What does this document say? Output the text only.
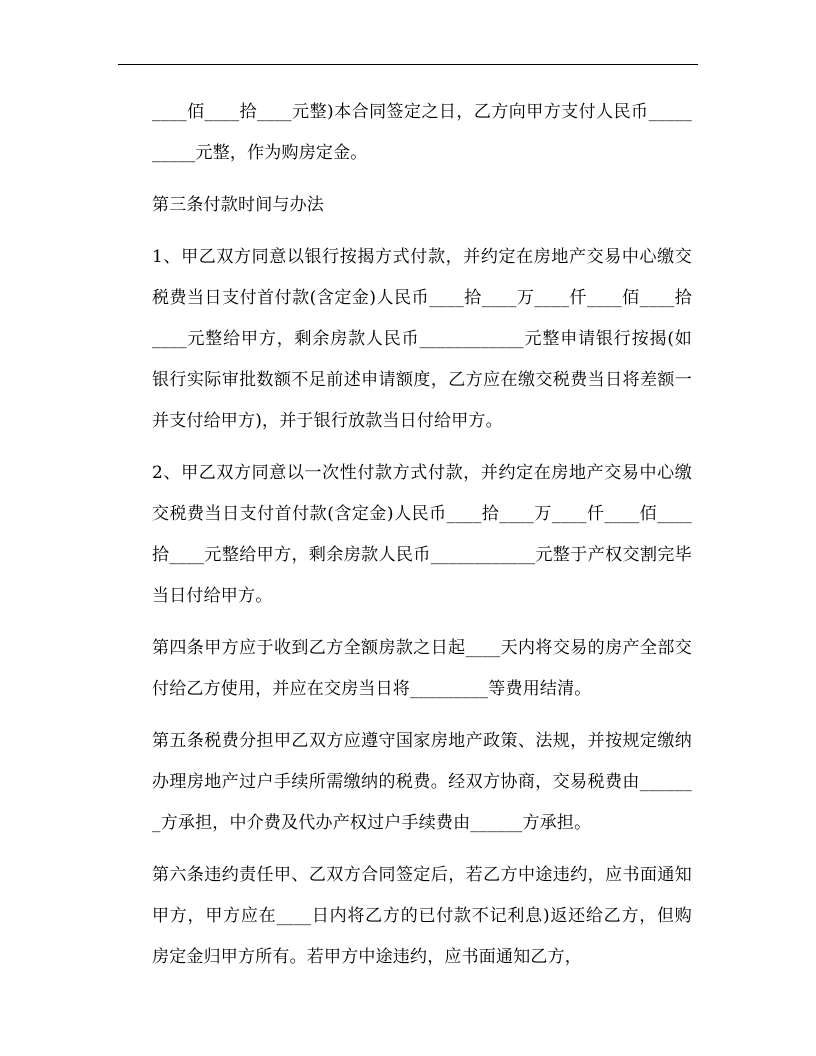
____佰____拾____元整)本合同签定之日，乙方向甲方支付人民币__________元整，作为购房定金。

第三条付款时间与办法

1、甲乙双方同意以银行按揭方式付款，并约定在房地产交易中心缴交税费当日支付首付款(含定金)人民币____拾____万____仟____佰____拾____元整给甲方，剩余房款人民币____________元整申请银行按揭(如银行实际审批数额不足前述申请额度，乙方应在缴交税费当日将差额一并支付给甲方)，并于银行放款当日付给甲方。

2、甲乙双方同意以一次性付款方式付款，并约定在房地产交易中心缴交税费当日支付首付款(含定金)人民币____拾____万____仟____佰____拾____元整给甲方，剩余房款人民币____________元整于产权交割完毕当日付给甲方。

第四条甲方应于收到乙方全额房款之日起____天内将交易的房产全部交付给乙方使用，并应在交房当日将_________等费用结清。

第五条税费分担甲乙双方应遵守国家房地产政策、法规，并按规定缴纳办理房地产过户手续所需缴纳的税费。经双方协商，交易税费由_______方承担，中介费及代办产权过户手续费由______方承担。

第六条违约责任甲、乙双方合同签定后，若乙方中途违约，应书面通知甲方，甲方应在____日内将乙方的已付款不记利息)返还给乙方，但购房定金归甲方所有。若甲方中途违约，应书面通知乙方，
